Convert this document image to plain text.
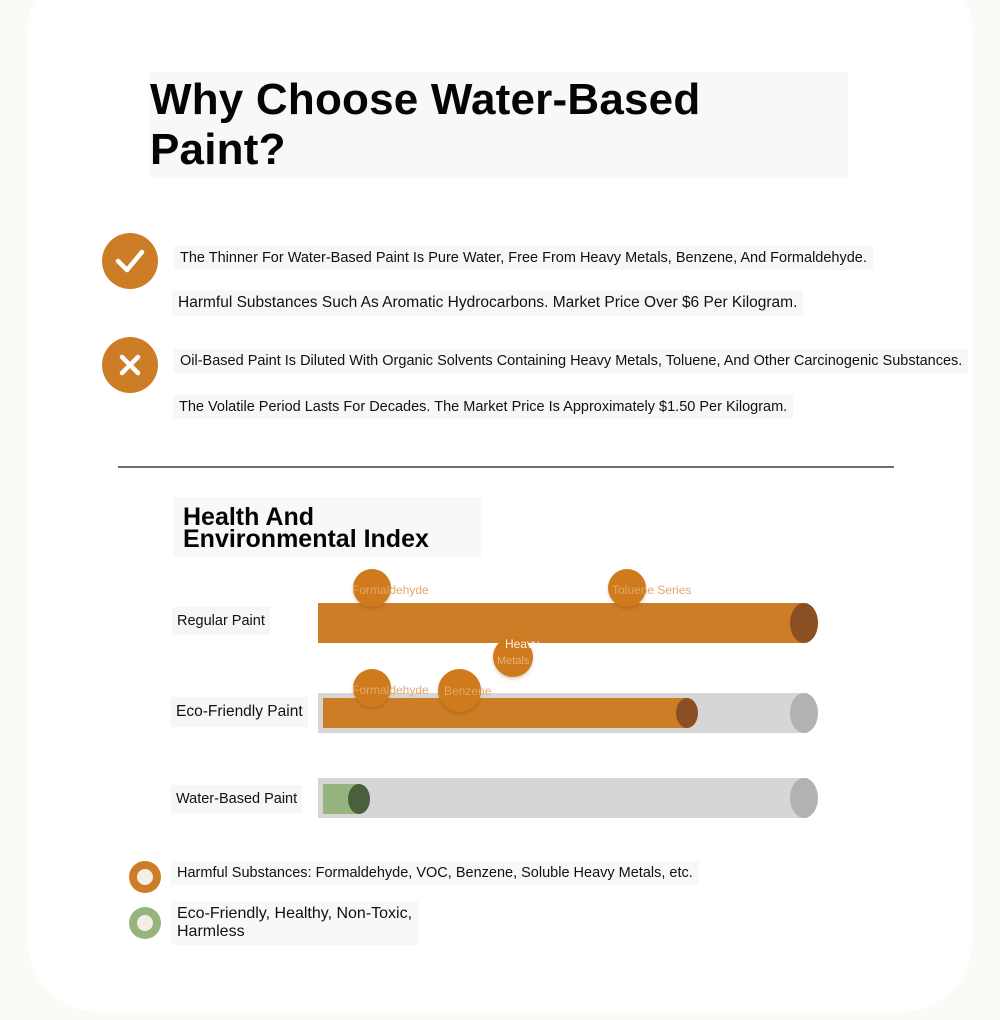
Why Choose Water-Based Paint?
The Thinner For Water-Based Paint Is Pure Water, Free From Heavy Metals, Benzene, And Formaldehyde.
Harmful Substances Such As Aromatic Hydrocarbons. Market Price Over $6 Per Kilogram.
Oil-Based Paint Is Diluted With Organic Solvents Containing Heavy Metals, Toluene, And Other Carcinogenic Substances.
The Volatile Period Lasts For Decades. The Market Price Is Approximately $1.50 Per Kilogram.
Health And
Environmental Index
Regular Paint
Eco-Friendly Paint
Water-Based Paint
Formaldehyde	Toluene Series
Heavy
Metals
Formaldehyde Benzene
Harmful Substances: Formaldehyde, VOC, Benzene, Soluble Heavy Metals, etc.
Eco-Friendly, Healthy, Non-Toxic,
Harmless
